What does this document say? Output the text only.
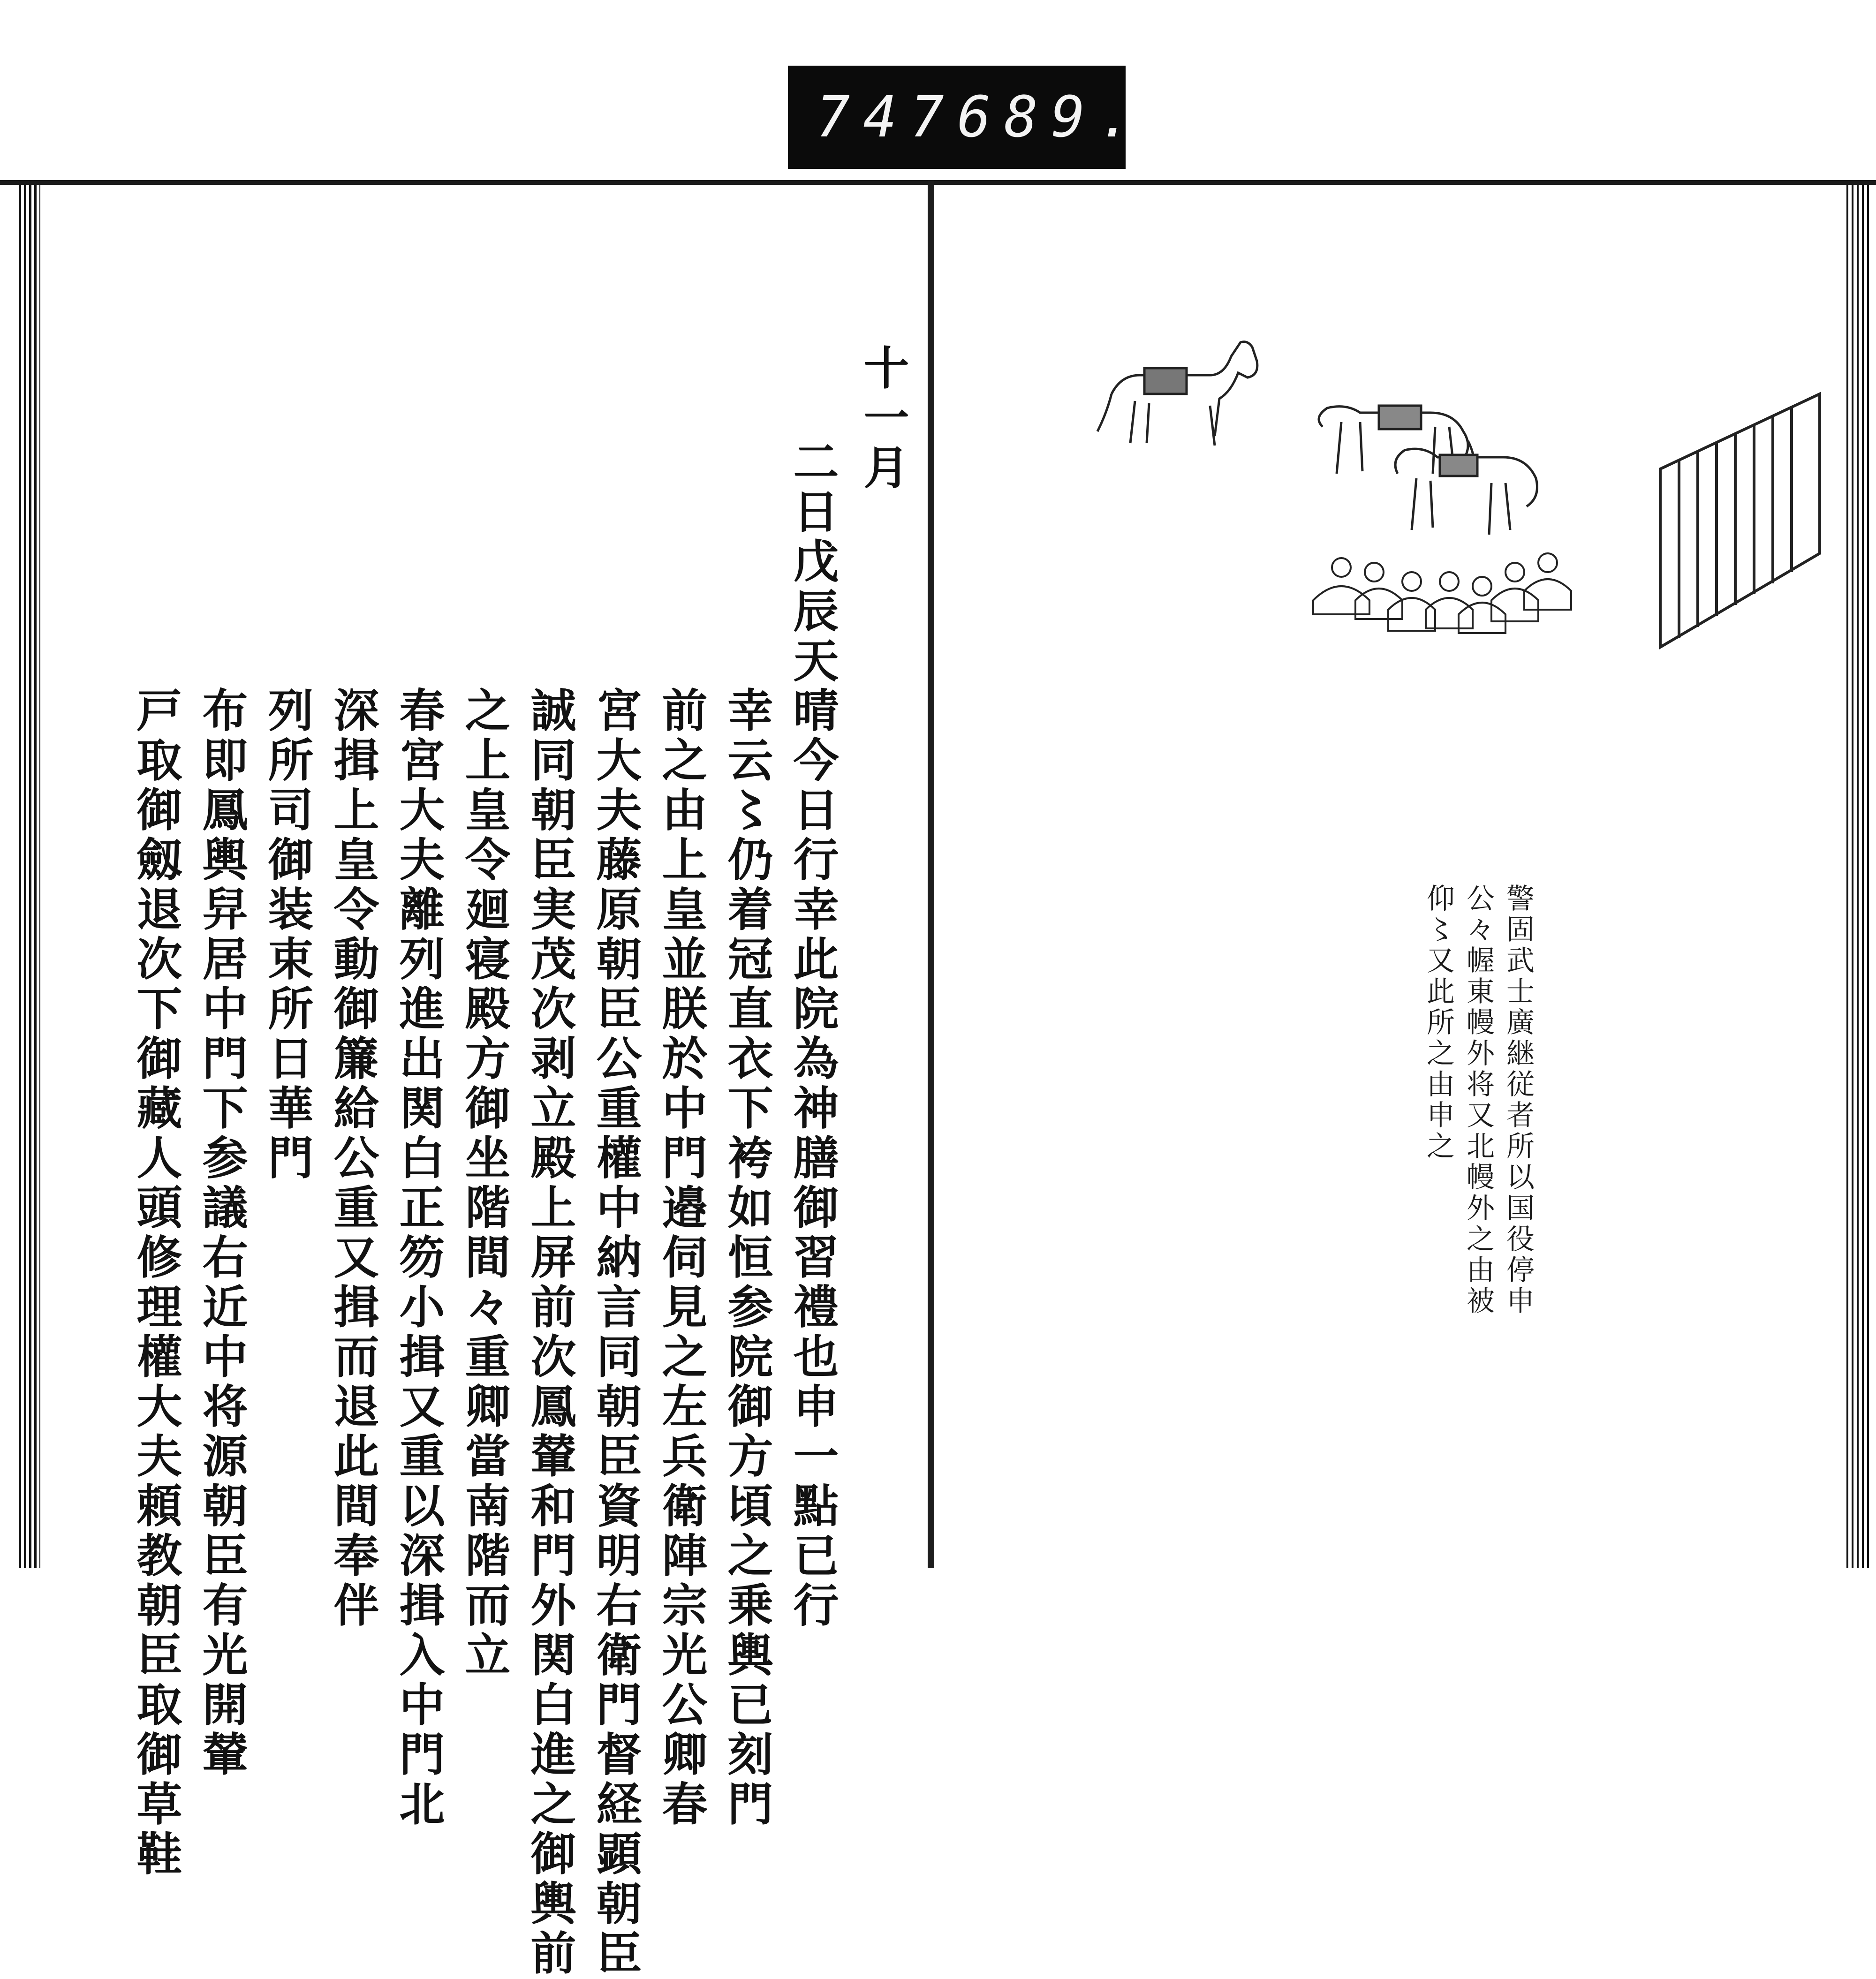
747 689.
十一月
二日戊辰天晴今日行幸此院為神膳御習禮也申一點已行
幸云〻仍着冠直衣下袴如恒参院御方頃之乗輿已刻門
前之由上皇並朕於中門邉伺見之左兵衛陣宗光公卿春
宮大夫藤原朝臣公重權中納言同朝臣資明右衛門督経顕朝臣
誠同朝臣実茂次剥立殿上屏前次鳳輦和門外関白進之御輿前
之上皇令廻寝殿方御坐階間々重卿當南階而立
春宮大夫離列進出関白正笏小揖又重以深揖入中門北
深揖上皇令動御簾給公重又揖而退此間奉伴
列所司御装束所日華門
布即鳳輿舁居中門下参議右近中将源朝臣有光開輦
戸取御劔退次下御藏人頭修理權大夫頼教朝臣取御草鞋	警固武士廣継従者所以国役停申
公々幄東幔外将又北幔外之由被
仰〻又此所之由申之
